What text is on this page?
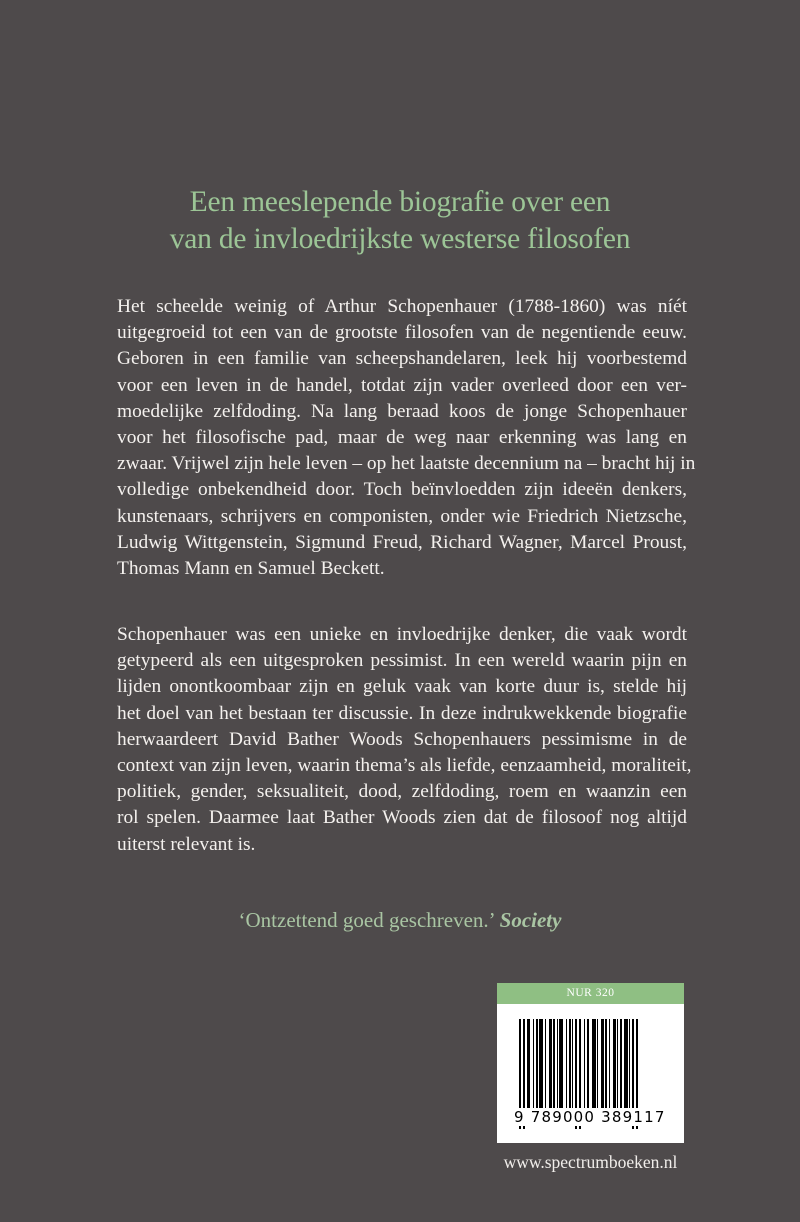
Een meeslepende biografie over een
van de invloedrijkste westerse filosofen
Het scheelde weinig of Arthur Schopenhauer (1788-1860) was níét
uitgegroeid tot een van de grootste filosofen van de negentiende eeuw.
Geboren in een familie van scheepshandelaren, leek hij voorbestemd
voor een leven in de handel, totdat zijn vader overleed door een ver-
moedelijke zelfdoding. Na lang beraad koos de jonge Schopenhauer
voor het filosofische pad, maar de weg naar erkenning was lang en
zwaar. Vrijwel zijn hele leven – op het laatste decennium na – bracht hij in
volledige onbekendheid door. Toch beïnvloedden zijn ideeën denkers,
kunstenaars, schrijvers en componisten, onder wie Friedrich Nietzsche,
Ludwig Wittgenstein, Sigmund Freud, Richard Wagner, Marcel Proust,
Thomas Mann en Samuel Beckett.
Schopenhauer was een unieke en invloedrijke denker, die vaak wordt
getypeerd als een uitgesproken pessimist. In een wereld waarin pijn en
lijden onontkoombaar zijn en geluk vaak van korte duur is, stelde hij
het doel van het bestaan ter discussie. In deze indrukwekkende biografie
herwaardeert David Bather Woods Schopenhauers pessimisme in de
context van zijn leven, waarin thema’s als liefde, eenzaamheid, moraliteit,
politiek, gender, seksualiteit, dood, zelfdoding, roem en waanzin een
rol spelen. Daarmee laat Bather Woods zien dat de filosoof nog altijd
uiterst relevant is.
‘Ontzettend goed geschreven.’ Society
NUR 320
9 789000 389117
www.spectrumboeken.nl
